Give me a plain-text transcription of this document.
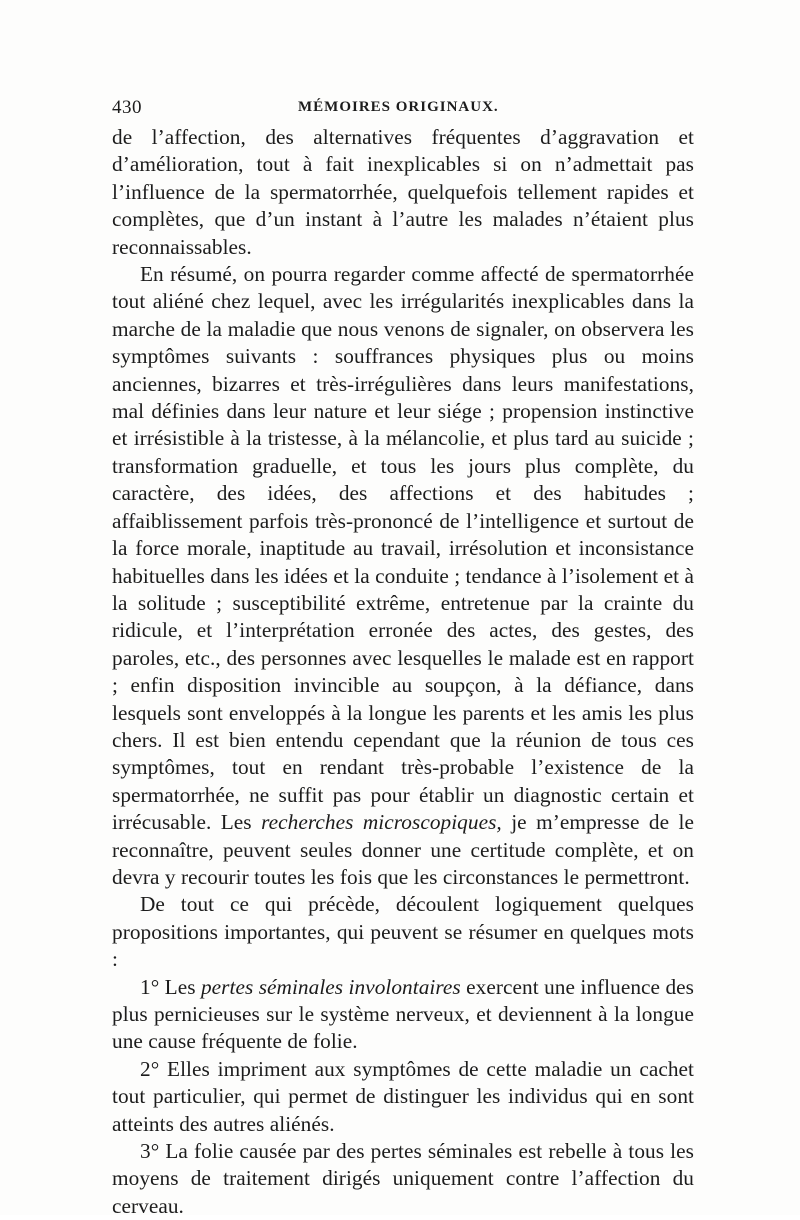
430	MÉMOIRES ORIGINAUX.

de l’affection, des alternatives fréquentes d’aggravation et d’amélioration, tout à fait inexplicables si on n’admettait pas l’influence de la spermatorrhée, quelquefois tellement rapides et complètes, que d’un instant à l’autre les malades n’étaient plus reconnaissables.

En résumé, on pourra regarder comme affecté de spermatorrhée tout aliéné chez lequel, avec les irrégularités inexplicables dans la marche de la maladie que nous venons de signaler, on observera les symptômes suivants : souffrances physiques plus ou moins anciennes, bizarres et très-irrégulières dans leurs manifestations, mal définies dans leur nature et leur siége ; propension instinctive et irrésistible à la tristesse, à la mélancolie, et plus tard au suicide ; transformation graduelle, et tous les jours plus complète, du caractère, des idées, des affections et des habitudes ; affaiblissement parfois très-prononcé de l’intelligence et surtout de la force morale, inaptitude au travail, irrésolution et inconsistance habituelles dans les idées et la conduite ; tendance à l’isolement et à la solitude ; susceptibilité extrême, entretenue par la crainte du ridicule, et l’interprétation erronée des actes, des gestes, des paroles, etc., des personnes avec lesquelles le malade est en rapport ; enfin disposition invincible au soupçon, à la défiance, dans lesquels sont enveloppés à la longue les parents et les amis les plus chers. Il est bien entendu cependant que la réunion de tous ces symptômes, tout en rendant très-probable l’existence de la spermatorrhée, ne suffit pas pour établir un diagnostic certain et irrécusable. Les recherches microscopiques, je m’empresse de le reconnaître, peuvent seules donner une certitude complète, et on devra y recourir toutes les fois que les circonstances le permettront.

De tout ce qui précède, découlent logiquement quelques propositions importantes, qui peuvent se résumer en quelques mots :

1° Les pertes séminales involontaires exercent une influence des plus pernicieuses sur le système nerveux, et deviennent à la longue une cause fréquente de folie.

2° Elles impriment aux symptômes de cette maladie un cachet tout particulier, qui permet de distinguer les individus qui en sont atteints des autres aliénés.

3° La folie causée par des pertes séminales est rebelle à tous les moyens de traitement dirigés uniquement contre l’affection du cerveau.
